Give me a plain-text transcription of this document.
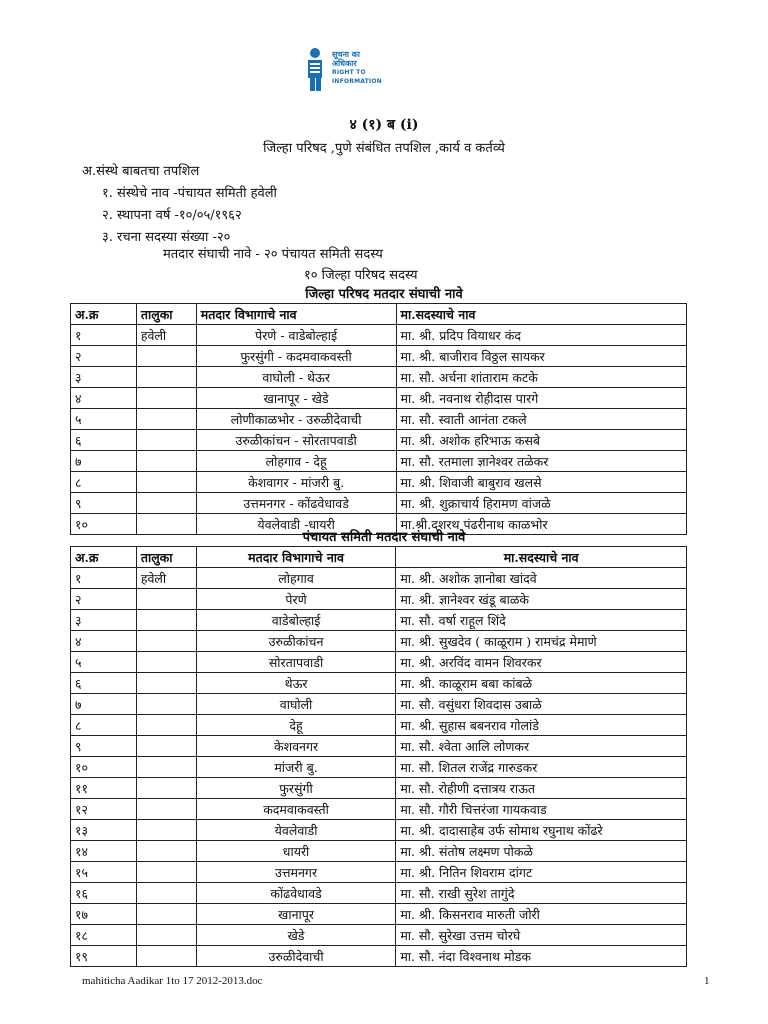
सूचना का
अधिकार
RIGHT TO
INFORMATION
४ (१) ब (i)
जिल्हा परिषद ,पुणे संबंधित तपशिल ,कार्य व कर्तव्ये
अ.संस्थे बाबतचा तपशिल
१. संस्थेचे नाव -पंचायत समिती हवेली
२. स्थापना वर्ष -१०/०५/१९६२
३. रचना सदस्या संख्या -२०
मतदार संघाची नावे - २० पंचायत समिती सदस्य
१० जिल्हा परिषद सदस्य
जिल्हा परिषद मतदार संघाची नावे
अ.क्र	तालुका	मतदार विभागाचे नाव	मा.सदस्याचे नाव
१	हवेली	पेरणे - वाडेबोल्हाई	मा. श्री. प्रदिप वियाधर कंद
२		फुरसुंगी - कदमवाकवस्ती	मा. श्री. बाजीराव विठ्ठल सायकर
३		वाघोली - थेऊर	मा. सौ. अर्चना शांताराम कटके
४		खानापूर - खेडे	मा. श्री. नवनाथ रोहीदास पारगे
५		लोणीकाळभोर - उरुळीदेवाची	मा. सौ. स्वाती आनंता टकले
६		उरुळीकांचन - सोरतापवाडी	मा. श्री. अशोक हरिभाऊ कसबे
७		लोहगाव - देहू	मा. सौ. रतमाला ज्ञानेश्वर तळेकर
८		केशवागर - मांजरी बु.	मा. श्री. शिवाजी बाबुराव खलसे
९		उत्तमनगर - कोंढवेधावडे	मा. श्री. शुक्राचार्य हिरामण वांजळे
१०		येवलेवाडी -धायरी	मा.श्री.दशरथ पंढरीनाथ काळभोर
पंचायत समिती मतदार संघाची नावे
अ.क्र	तालुका	मतदार विभागाचे नाव	मा.सदस्याचे नाव
१	हवेली	लोहगाव	मा. श्री. अशोक ज्ञानोबा खांदवे
२		पेरणे	मा. श्री. ज्ञानेश्वर खंडू बाळके
३		वाडेबोल्हाई	मा. सौ. वर्षा राहूल शिंदे
४		उरुळीकांचन	मा. श्री. सुखदेव ( काळूराम ) रामचंद्र मेमाणे
५		सोरतापवाडी	मा. श्री. अरविंद वामन शिवरकर
६		थेऊर	मा. श्री. काळूराम बबा कांबळे
७		वाघोली	मा. सौ. वसुंधरा शिवदास उबाळे
८		देहू	मा. श्री. सुहास बबनराव गोलांडे
९		केशवनगर	मा. सौ. श्वेता आलि लोणकर
१०		मांजरी बु.	मा. सौ. शितल राजेंद्र गारुडकर
११		फुरसुंगी	मा. सौ. रोहीणी दत्तात्रय राऊत
१२		कदमवाकवस्ती	मा. सौ. गौरी चित्तरंजा गायकवाड
१३		येवलेवाडी	मा. श्री. दादासाहेब उर्फ सोमाथ रघुनाथ कोंढरे
१४		धायरी	मा. श्री. संतोष लक्ष्मण पोकळे
१५		उत्तमनगर	मा. श्री. नितिन शिवराम दांगट
१६		कोंढवेधावडे	मा. सौ. राखी सुरेश तागुंदे
१७		खानापूर	मा. श्री. किसनराव मारुती जोरी
१८		खेडे	मा. सौ. सुरेखा उत्तम चोरघे
१९		उरुळीदेवाची	मा. सौ. नंदा विश्वनाथ मोडक
mahiticha Aadikar 1to 17 2012-2013.doc	1
